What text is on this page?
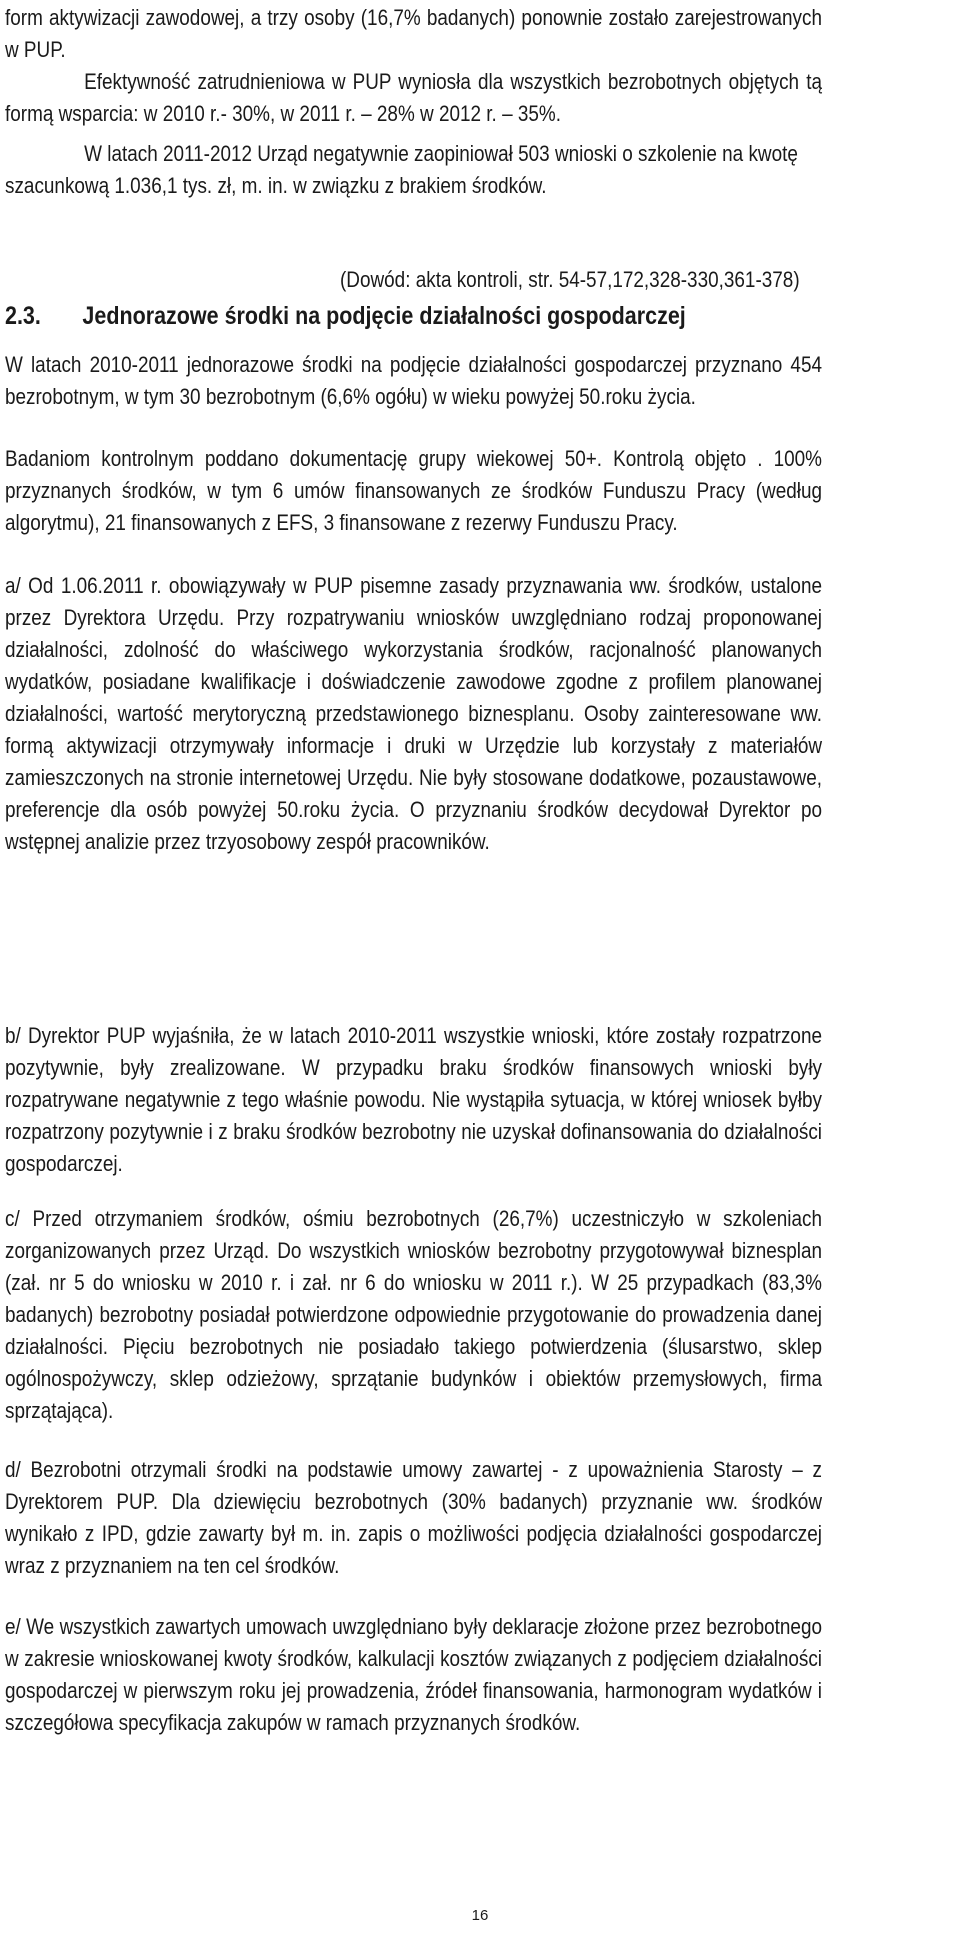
form aktywizacji zawodowej, a trzy osoby (16,7% badanych) ponownie zostało zarejestrowanych w PUP.

Efektywność zatrudnieniowa w PUP wyniosła dla wszystkich bezrobotnych objętych tą formą wsparcia: w 2010 r.- 30%, w 2011 r. – 28% w 2012 r. – 35%.

W latach 2011-2012 Urząd negatywnie zaopiniował 503 wnioski o szkolenie na kwotę szacunkową 1.036,1 tys. zł, m. in. w związku z brakiem środków.

(Dowód: akta kontroli, str. 54-57,172,328-330,361-378)

2.3. Jednorazowe środki na podjęcie działalności gospodarczej

W latach 2010-2011 jednorazowe środki na podjęcie działalności gospodarczej przyznano 454 bezrobotnym, w tym 30 bezrobotnym (6,6% ogółu) w wieku powyżej 50.roku życia.

Badaniom kontrolnym poddano dokumentację grupy wiekowej 50+. Kontrolą objęto . 100% przyznanych środków, w tym 6 umów finansowanych ze środków Funduszu Pracy (według algorytmu), 21 finansowanych z EFS, 3 finansowane z rezerwy Funduszu Pracy.

a/ Od 1.06.2011 r. obowiązywały w PUP pisemne zasady przyznawania ww. środków, ustalone przez Dyrektora Urzędu. Przy rozpatrywaniu wniosków uwzględniano rodzaj proponowanej działalności, zdolność do właściwego wykorzystania środków, racjonalność planowanych wydatków, posiadane kwalifikacje i doświadczenie zawodowe zgodne z profilem planowanej działalności, wartość merytoryczną przedstawionego biznesplanu. Osoby zainteresowane ww. formą aktywizacji otrzymywały informacje i druki w Urzędzie lub korzystały z materiałów zamieszczonych na stronie internetowej Urzędu. Nie były stosowane dodatkowe, pozaustawowe, preferencje dla osób powyżej 50.roku życia. O przyznaniu środków decydował Dyrektor po wstępnej analizie przez trzyosobowy zespół pracowników.

b/ Dyrektor PUP wyjaśniła, że w latach 2010-2011 wszystkie wnioski, które zostały rozpatrzone pozytywnie, były zrealizowane. W przypadku braku środków finansowych wnioski były rozpatrywane negatywnie z tego właśnie powodu. Nie wystąpiła sytuacja, w której wniosek byłby rozpatrzony pozytywnie i z braku środków bezrobotny nie uzyskał dofinansowania do działalności gospodarczej.

c/ Przed otrzymaniem środków, ośmiu bezrobotnych (26,7%) uczestniczyło w szkoleniach zorganizowanych przez Urząd. Do wszystkich wniosków bezrobotny przygotowywał biznesplan (zał. nr 5 do wniosku w 2010 r. i zał. nr 6 do wniosku w 2011 r.). W 25 przypadkach (83,3% badanych) bezrobotny posiadał potwierdzone odpowiednie przygotowanie do prowadzenia danej działalności. Pięciu bezrobotnych nie posiadało takiego potwierdzenia (ślusarstwo, sklep ogólnospożywczy, sklep odzieżowy, sprzątanie budynków i obiektów przemysłowych, firma sprzątająca).

d/ Bezrobotni otrzymali środki na podstawie umowy zawartej - z upoważnienia Starosty – z Dyrektorem PUP. Dla dziewięciu bezrobotnych (30% badanych) przyznanie ww. środków wynikało z IPD, gdzie zawarty był m. in. zapis o możliwości podjęcia działalności gospodarczej wraz z przyznaniem na ten cel środków.

e/ We wszystkich zawartych umowach uwzględniano były deklaracje złożone przez bezrobotnego w zakresie wnioskowanej kwoty środków, kalkulacji kosztów związanych z podjęciem działalności gospodarczej w pierwszym roku jej prowadzenia, źródeł finansowania, harmonogram wydatków i szczegółowa specyfikacja zakupów w ramach przyznanych środków.

16
